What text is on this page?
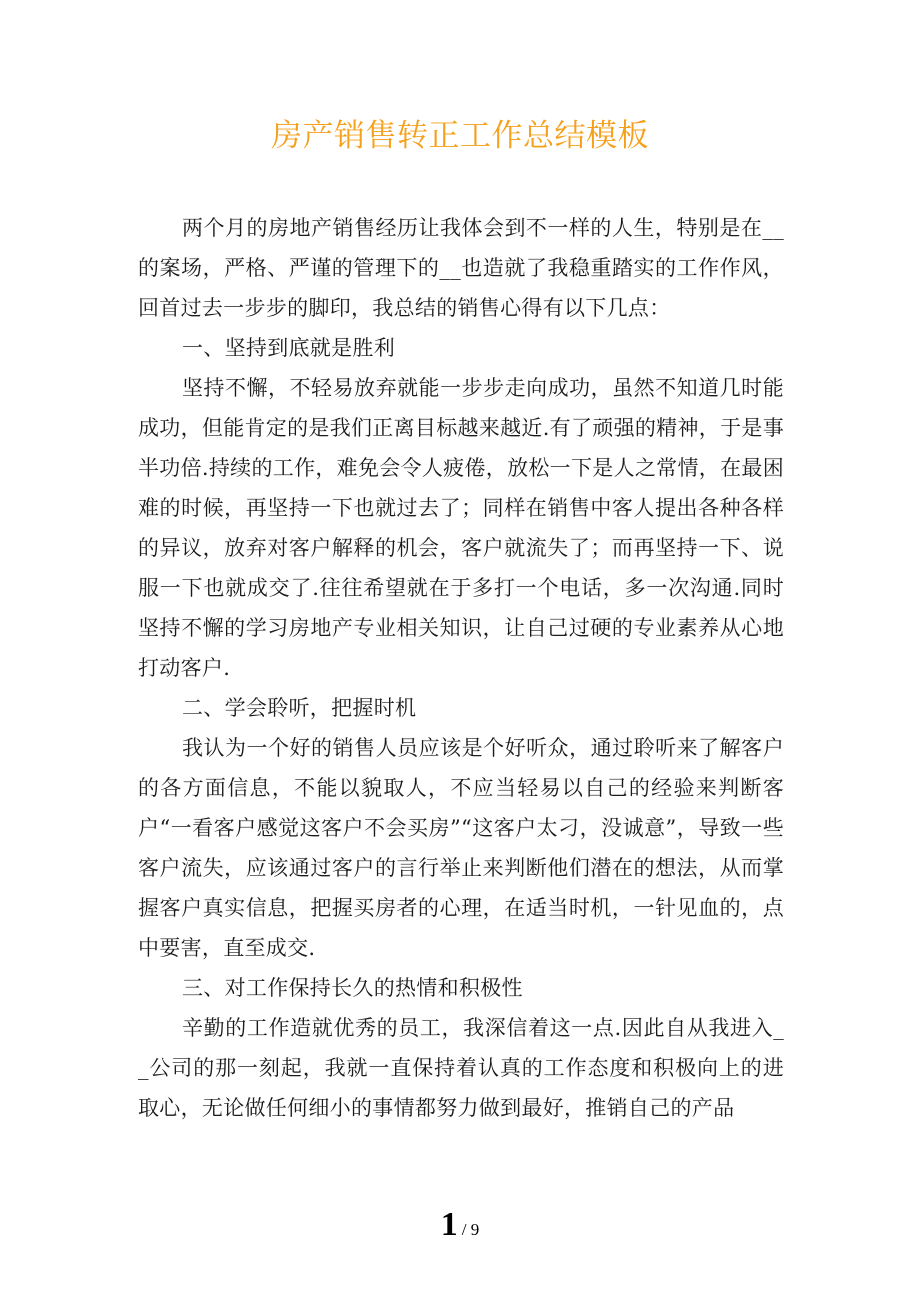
房产销售转正工作总结模板

两个月的房地产销售经历让我体会到不一样的人生，特别是在__的案场，严格、严谨的管理下的__也造就了我稳重踏实的工作作风，回首过去一步步的脚印，我总结的销售心得有以下几点：

一、坚持到底就是胜利

坚持不懈，不轻易放弃就能一步步走向成功，虽然不知道几时能成功，但能肯定的是我们正离目标越来越近.有了顽强的精神，于是事半功倍.持续的工作，难免会令人疲倦，放松一下是人之常情，在最困难的时候，再坚持一下也就过去了；同样在销售中客人提出各种各样的异议，放弃对客户解释的机会，客户就流失了；而再坚持一下、说服一下也就成交了.往往希望就在于多打一个电话，多一次沟通.同时坚持不懈的学习房地产专业相关知识，让自己过硬的专业素养从心地打动客户.

二、学会聆听，把握时机

我认为一个好的销售人员应该是个好听众，通过聆听来了解客户的各方面信息，不能以貌取人，不应当轻易以自己的经验来判断客户“一看客户感觉这客户不会买房”“这客户太刁，没诚意”，导致一些客户流失，应该通过客户的言行举止来判断他们潜在的想法，从而掌握客户真实信息，把握买房者的心理，在适当时机，一针见血的，点中要害，直至成交.

三、对工作保持长久的热情和积极性

辛勤的工作造就优秀的员工，我深信着这一点.因此自从我进入__公司的那一刻起，我就一直保持着认真的工作态度和积极向上的进取心，无论做任何细小的事情都努力做到最好，推销自己的产品

1 / 9
